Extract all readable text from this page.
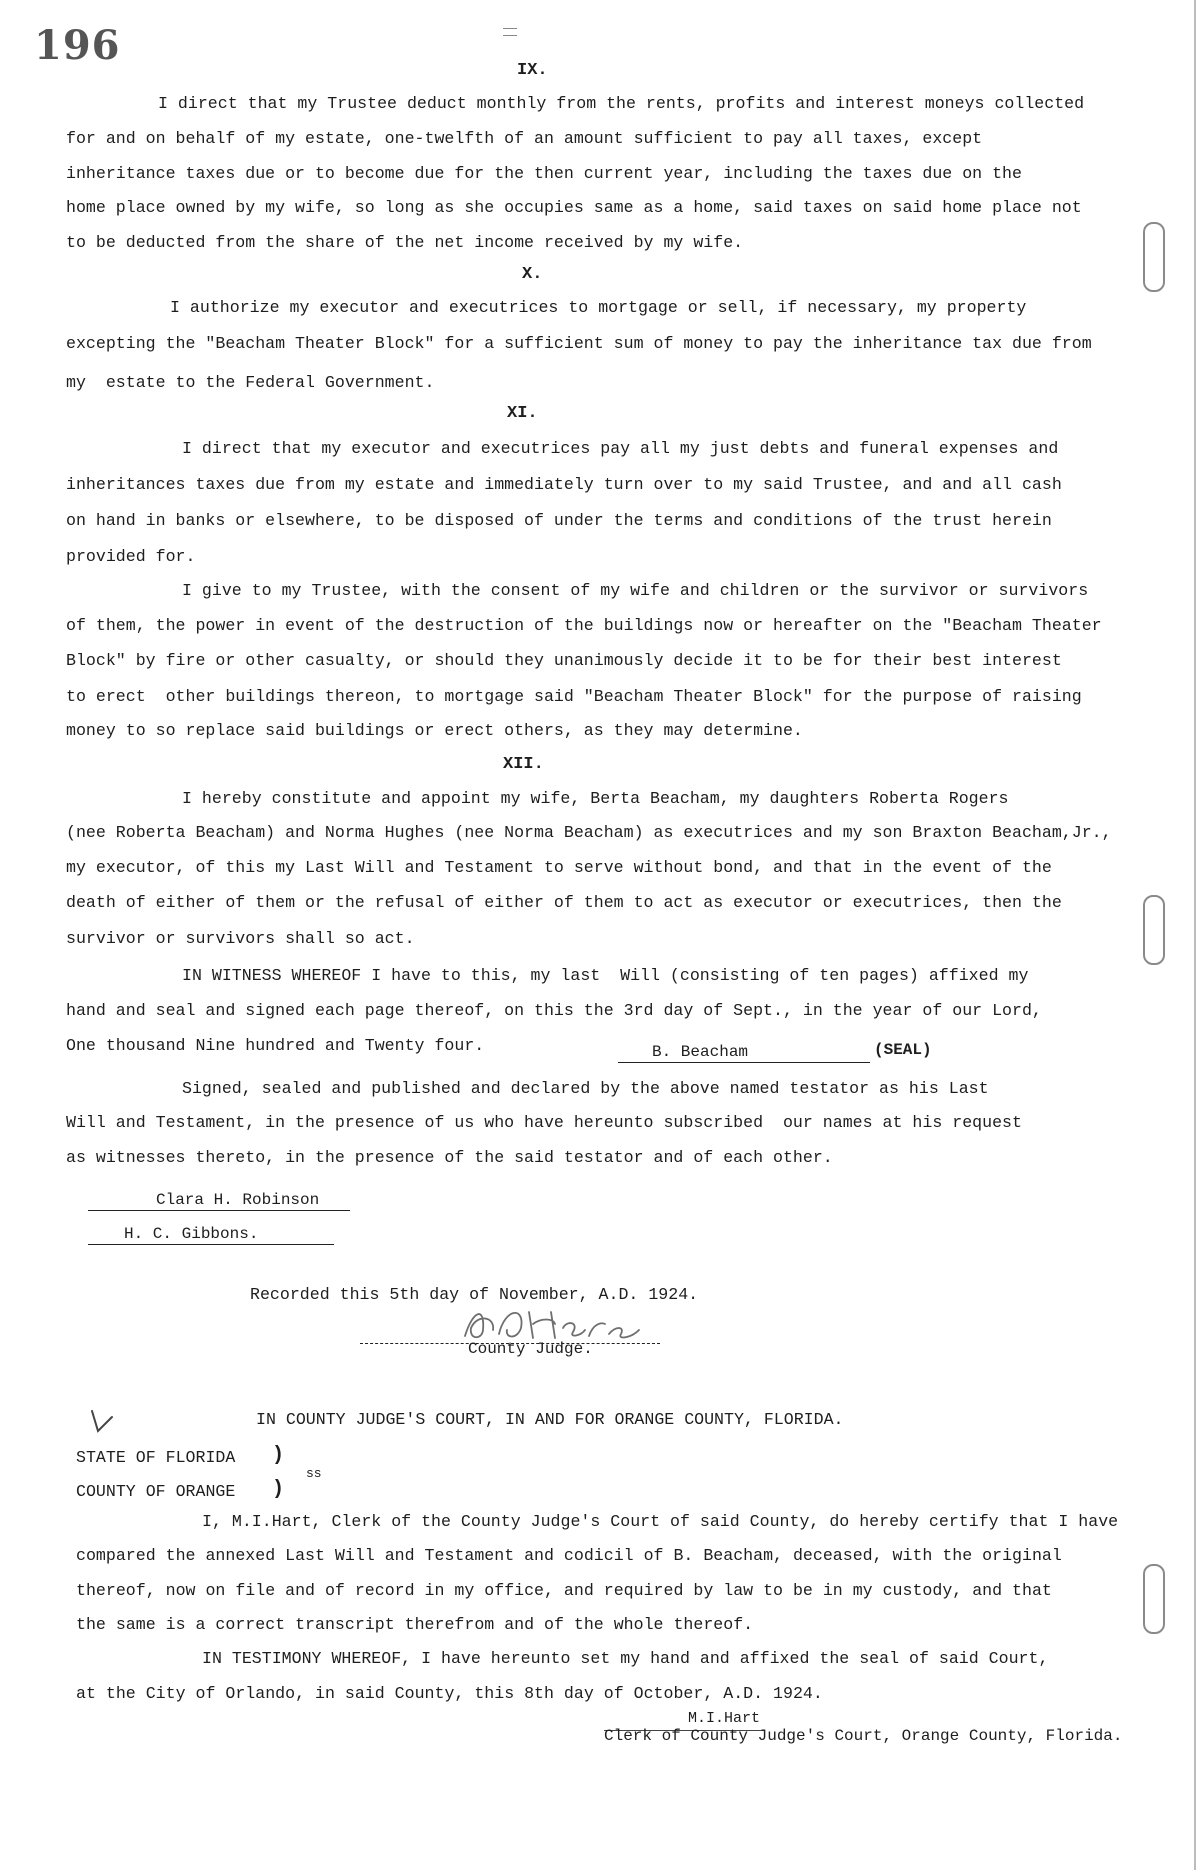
196
IX.
I direct that my Trustee deduct monthly from the rents, profits and interest moneys collected
for and on behalf of my estate, one-twelfth of an amount sufficient to pay all taxes, except
inheritance taxes due or to become due for the then current year, including the taxes due on the
home place owned by my wife, so long as she occupies same as a home, said taxes on said home place not
to be deducted from the share of the net income received by my wife.
X.
I authorize my executor and executrices to mortgage or sell, if necessary, my property
excepting the "Beacham Theater Block" for a sufficient sum of money to pay the inheritance tax due from
my  estate to the Federal Government.
XI.
I direct that my executor and executrices pay all my just debts and funeral expenses and
inheritances taxes due from my estate and immediately turn over to my said Trustee, and and all cash
on hand in banks or elsewhere, to be disposed of under the terms and conditions of the trust herein
provided for.
I give to my Trustee, with the consent of my wife and children or the survivor or survivors
of them, the power in event of the destruction of the buildings now or hereafter on the "Beacham Theater
Block" by fire or other casualty, or should they unanimously decide it to be for their best interest
to erect  other buildings thereon, to mortgage said "Beacham Theater Block" for the purpose of raising
money to so replace said buildings or erect others, as they may determine.
XII.
I hereby constitute and appoint my wife, Berta Beacham, my daughters Roberta Rogers
(nee Roberta Beacham) and Norma Hughes (nee Norma Beacham) as executrices and my son Braxton Beacham,Jr.,
my executor, of this my Last Will and Testament to serve without bond, and that in the event of the
death of either of them or the refusal of either of them to act as executor or executrices, then the
survivor or survivors shall so act.
IN WITNESS WHEREOF I have to this, my last  Will (consisting of ten pages) affixed my
hand and seal and signed each page thereof, on this the 3rd day of Sept., in the year of our Lord,
One thousand Nine hundred and Twenty four.	B. Beacham	(SEAL)
Signed, sealed and published and declared by the above named testator as his Last
Will and Testament, in the presence of us who have hereunto subscribed  our names at his request
as witnesses thereto, in the presence of the said testator and of each other.
Clara H. Robinson
H. C. Gibbons.
Recorded this 5th day of November, A.D. 1924.
County Judge.
IN COUNTY JUDGE'S COURT, IN AND FOR ORANGE COUNTY, FLORIDA.
STATE OF FLORIDA )
ss
COUNTY OF ORANGE )
I, M.I.Hart, Clerk of the County Judge's Court of said County, do hereby certify that I have
compared the annexed Last Will and Testament and codicil of B. Beacham, deceased, with the original
thereof, now on file and of record in my office, and required by law to be in my custody, and that
the same is a correct transcript therefrom and of the whole thereof.
IN TESTIMONY WHEREOF, I have hereunto set my hand and affixed the seal of said Court,
at the City of Orlando, in said County, this 8th day of October, A.D. 1924.
M.I.Hart
Clerk of County Judge's Court, Orange County, Florida.
